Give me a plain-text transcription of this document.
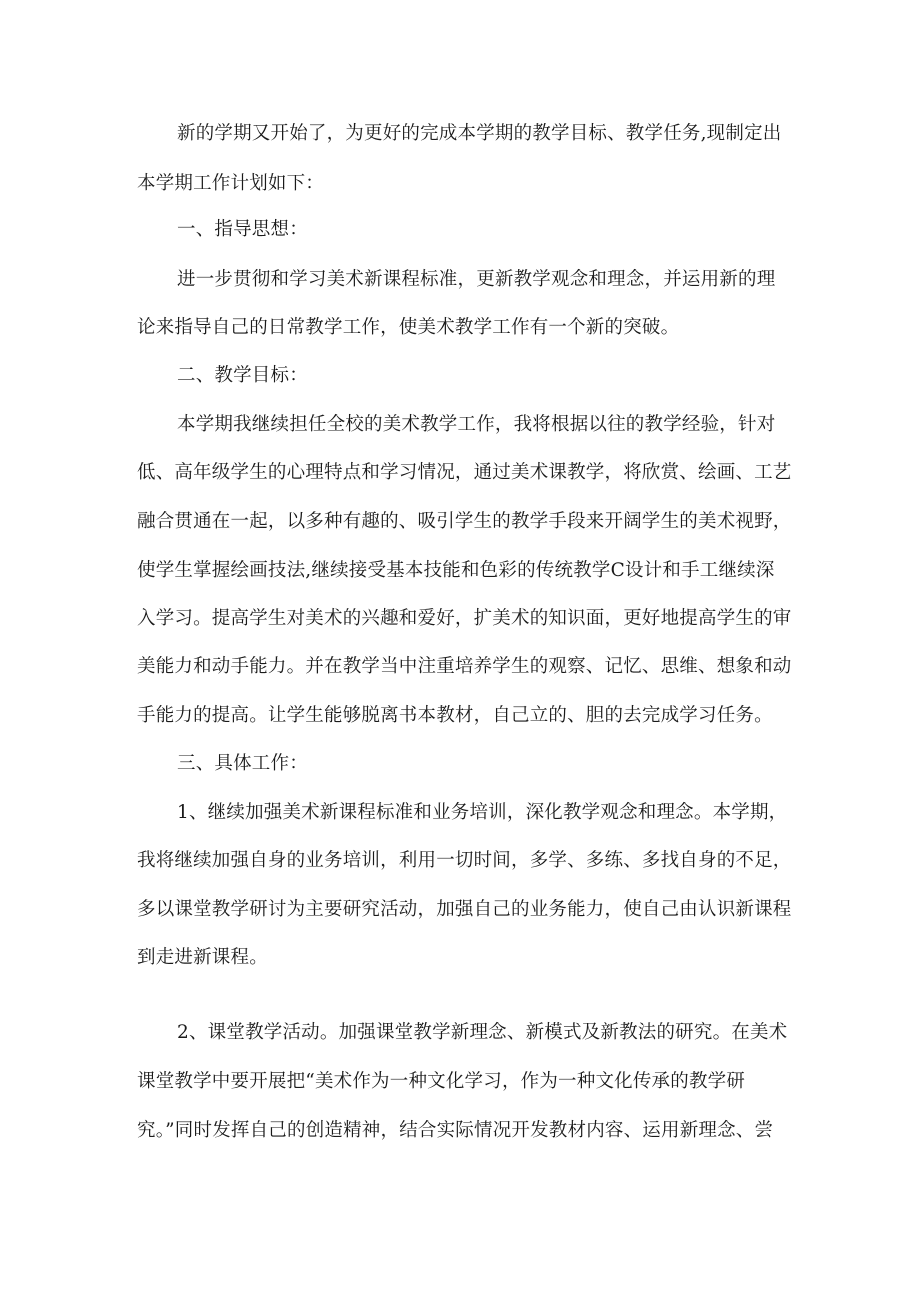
新的学期又开始了，为更好的完成本学期的教学目标、教学任务,现制定出

本学期工作计划如下：

一、指导思想：

进一步贯彻和学习美术新课程标准，更新教学观念和理念，并运用新的理

论来指导自己的日常教学工作，使美术教学工作有一个新的突破。

二、教学目标：

本学期我继续担任全校的美术教学工作，我将根据以往的教学经验，针对

低、高年级学生的心理特点和学习情况，通过美术课教学，将欣赏、绘画、工艺

融合贯通在一起，以多种有趣的、吸引学生的教学手段来开阔学生的美术视野，

使学生掌握绘画技法,继续接受基本技能和色彩的传统教学C设计和手工继续深

入学习。提高学生对美术的兴趣和爱好，扩美术的知识面，更好地提高学生的审

美能力和动手能力。并在教学当中注重培养学生的观察、记忆、思维、想象和动

手能力的提高。让学生能够脱离书本教材，自己立的、胆的去完成学习任务。

三、具体工作：

1、继续加强美术新课程标准和业务培训，深化教学观念和理念。本学期，

我将继续加强自身的业务培训，利用一切时间，多学、多练、多找自身的不足，

多以课堂教学研讨为主要研究活动，加强自己的业务能力，使自己由认识新课程

到走进新课程。

2、课堂教学活动。加强课堂教学新理念、新模式及新教法的研究。在美术

课堂教学中要开展把“美术作为一种文化学习，作为一种文化传承的教学研

究。”同时发挥自己的创造精神，结合实际情况开发教材内容、运用新理念、尝
